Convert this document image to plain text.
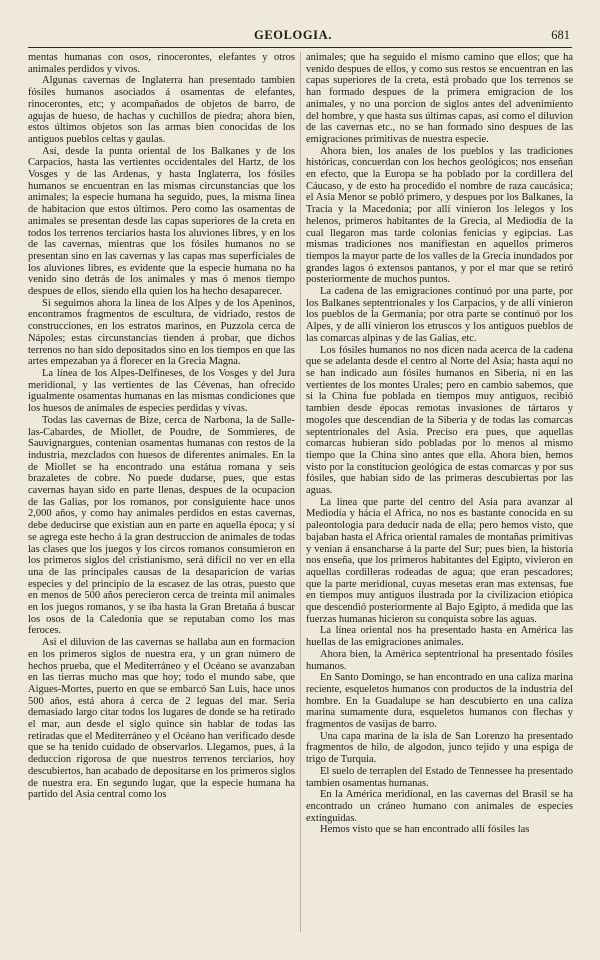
GEOLOGIA.	681

mentas humanas con osos, rinocerontes, elefantes y otros animales perdidos y vivos.

Algunas cavernas de Inglaterra han presentado tambien fósiles humanos asociados á osamentas de elefantes, rinocerontes, etc; y acompañados de objetos de barro, de agujas de hueso, de hachas y cuchillos de piedra; ahora bien, estos últimos objetos son las armas bien conocidas de los antiguos pueblos celtas y gaulas.

Así, desde la punta oriental de los Balkanes y de los Carpacios, hasta las vertientes occidentales del Hartz, de los Vosges y de las Ardenas, y hasta Inglaterra, los fósiles humanos se encuentran en las mismas circunstancias que los animales; la especie humana ha seguido, pues, la misma línea de habitacion que estos últimos. Pero como las osamentas de animales se presentan desde las capas superiores de la creta en todos los terrenos terciarios hasta los aluviones libres, y en los de las cavernas, mientras que los fósiles humanos no se presentan sino en las cavernas y las capas mas superficiales de los aluviones libres, es evidente que la especie humana no ha venido sino detrás de los animales y mas ó menos tiempo despues de ellos, siendo ella quien los ha hecho desaparecer.

Si seguimos ahora la linea de los Alpes y de los Apeninos, encontramos fragmentos de escultura, de vidriado, restos de construcciones, en los estratos marinos, en Puzzola cerca de Nápoles; estas circunstancias tienden á probar, que dichos terrenos no han sido depositados sino en los tiempos en que las artes empezaban ya á florecer en la Grecia Magna.

La línea de los Alpes-Delfineses, de los Vosges y del Jura meridional, y las vertientes de las Cévenas, han ofrecido igualmente osamentas humanas en las mismas condiciones que los huesos de animales de especies perdidas y vivas.

Todas las cavernas de Bize, cerca de Narbona, la de Salle-las-Cabardes, de Miollet, de Poudre, de Sommieres, de Sauvignargues, contenian osamentas humanas con restos de la industria, mezclados con huesos de diferentes animales. En la de Miollet se ha encontrado una estátua romana y seis brazaletes de cobre. No puede dudarse, pues, que estas cavernas hayan sido en parte llenas, despues de la ocupacion de las Galias, por los romanos, por consiguiente hace unos 2,000 años, y como hay animales perdidos en estas cavernas, debe deducirse que existian aun en parte en aquella época; y si se agrega este hecho á la gran destruccion de animales de todas las clases que los juegos y los circos romanos consumieron en los primeros siglos del cristianismo, será difícil no ver en ella una de las principales causas de la desaparicion de varias especies y del principio de la escasez de las otras, puesto que en menos de 500 años perecieron cerca de treinta mil animales en los juegos romanos, y se iba hasta la Gran Bretaña á buscar los osos de la Caledonia que se reputaban como los mas feroces.

Asi el diluvion de las cavernas se hallaba aun en formacion en los primeros siglos de nuestra era, y un gran número de hechos prueba, que el Mediterráneo y el Océano se avanzaban en las tierras mucho mas que hoy; todo el mundo sabe, que Aigues-Mortes, puerto en que se embarcó San Luis, hace unos 500 años, está ahora á cerca de 2 leguas del mar. Seria demasiado largo citar todos los lugares de donde se ha retirado el mar, aun desde el siglo quince sin hablar de todas las retiradas que el Mediterráneo y el Océano han verificado desde que se ha tenido cuidado de observarlos. Llegamos, pues, á la deduccion rigorosa de que nuestros terrenos terciarios, hoy descubiertos, han acabado de depositarse en los primeros siglos de nuestra era. En segundo lugar, que la especie humana ha partido del Asia central como los

animales; que ha seguido el mismo camino que ellos; que ha venido despues de ellos, y como sus restos se encuentran en las capas superiores de la creta, está probado que los terrenos se han formado despues de la primera emigracion de los animales, y no una porcion de siglos antes del advenimiento del hombre, y que hasta sus últimas capas, así como el diluvion de las cavernas etc., no se han formado sino despues de las emigraciones primitivas de nuestra especie.

Ahora bien, los anales de los pueblos y las tradiciones históricas, concuerdan con los hechos geológicos; nos enseñan en efecto, que la Europa se ha poblado por la cordillera del Cáucaso, y de esto ha procedido el nombre de raza caucásica; el Asia Menor se pobló primero, y despues por los Balkanes, la Tracia y la Macedonia; por allí vinieron los lelegos y los helenos, primeros habitantes de la Grecia, al Mediodía de la cual llegaron mas tarde colonias fenicias y egipcias. Las mismas tradiciones nos manifiestan en aquellos primeros tiempos la mayor parte de los valles de la Grecia inundados por grandes lagos ó extensos pantanos, y por el mar que se retiró posteriormente de muchos puntos.

La cadena de las emigraciones continuó por una parte, por los Balkanes septentrionales y los Carpacios, y de allí vinieron los pueblos de la Germania; por otra parte se continuó por los Alpes, y de allí vinieron los etruscos y los antiguos pueblos de las comarcas alpinas y de las Galias, etc.

Los fósiles humanos no nos dicen nada acerca de la cadena que se adelanta desde el centro al Norte del Asia; hasta aquí no se han indicado aun fósiles humanos en Siberia, ni en las vertientes de los montes Urales; pero en cambio sabemos, que si la China fue poblada en tiempos muy antiguos, recibió tambien desde épocas remotas invasiones de tártaros y mogoles que descendian de la Siberia y de todas las comarcas septentrionales del Asia. Preciso era pues, que aquellas comarcas hubieran sido pobladas por lo menos al mismo tiempo que la China sino antes que ella. Ahora bien, hemos visto por la constitucion geológica de estas comarcas y por sus fósiles, que habian sido de las primeras descubiertas por las aguas.

La línea que parte del centro del Asia para avanzar al Mediodía y hácia el Africa, no nos es bastante conocida en su paleontologia para deducir nada de ella; pero hemos visto, que bajaban hasta el Africa oriental ramales de montañas primitivas y venian á ensancharse á la parte del Sur; pues bien, la historia nos enseña, que los primeros habitantes del Egipto, vivieron en aquellas cordilleras rodeadas de agua; que eran pescadores; que la parte meridional, cuyas mesetas eran mas extensas, fue en tiempos muy antiguos ilustrada por la civilizacion etiópica que descendió posteriormente al Bajo Egipto, á medida que las fuerzas humanas hicieron su conquista sobre las aguas.

La línea oriental nos ha presentado hasta en América las huellas de las emigraciones animales.

Ahora bien, la América septentrional ha presentado fósiles humanos.

En Santo Domingo, se han encontrado en una caliza marina reciente, esqueletos humanos con productos de la industria del hombre. En la Guadalupe se han descubierto en una caliza marina sumamente dura, esqueletos humanos con flechas y fragmentos de vasijas de barro.

Una capa marina de la isla de San Lorenzo ha presentado fragmentos de hilo, de algodon, junco tejido y una espiga de trigo de Turquia.

El suelo de terraplen del Estado de Tennessee ha presentado tambien osamentas humanas.

En la América meridional, en las cavernas del Brasil se ha encontrado un cráneo humano con animales de especies extinguidas.

Hemos visto que se han encontrado allí fósiles las
